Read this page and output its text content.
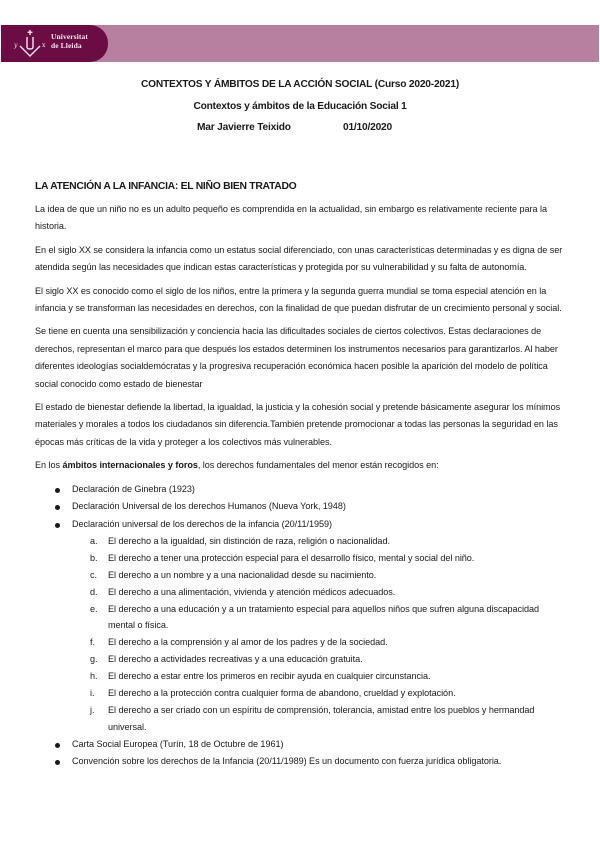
y	x
Universitat
de Lleida
CONTEXTOS Y ÁMBITOS DE LA ACCIÓN SOCIAL (Curso 2020-2021)
Contextos y ámbitos de la Educación Social 1
Mar Javierre Teixido	01/10/2020
LA ATENCIÓN A LA INFANCIA: EL NIÑO BIEN TRATADO

La idea de que un niño no es un adulto pequeño es comprendida en la actualidad, sin embargo es relativamente reciente para la historia.

En el siglo XX se considera la infancia como un estatus social diferenciado, con unas características determinadas y es digna de ser atendida según las necesidades que indican estas características y protegida por su vulnerabilidad y su falta de autonomía.

El siglo XX es conocido como el siglo de los niños, entre la primera y la segunda guerra mundial se toma especial atención en la infancia y se transforman las necesidades en derechos, con la finalidad de que puedan disfrutar de un crecimiento personal y social.

Se tiene en cuenta una sensibilización y conciencia hacia las dificultades sociales de ciertos colectivos. Estas declaraciones de derechos, representan el marco para que después los estados determinen los instrumentos necesarios para garantizarlos. Al haber diferentes ideologías socialdemócratas y la progresiva recuperación económica hacen posible la aparición del modelo de política social conocido como estado de bienestar

El estado de bienestar defiende la libertad, la igualdad, la justicia y la cohesión social y pretende básicamente asegurar los mínimos materiales y morales a todos los ciudadanos sin diferencia.También pretende promocionar a todas las personas la seguridad en las épocas más críticas de la vida y proteger a los colectivos más vulnerables.

En los ámbitos internacionales y foros, los derechos fundamentales del menor están recogidos en:

Declaración de Ginebra (1923)
Declaración Universal de los derechos Humanos (Nueva York, 1948)
Declaración universal de los derechos de la infancia (20/11/1959)
a. El derecho a la igualdad, sin distinción de raza, religión o nacionalidad.
b. El derecho a tener una protección especial para el desarrollo físico, mental y social del niño.
c. El derecho a un nombre y a una nacionalidad desde su nacimiento.
d. El derecho a una alimentación, vivienda y atención médicos adecuados.
e. El derecho a una educación y a un tratamiento especial para aquellos niños que sufren alguna discapacidad mental o física.
f. El derecho a la comprensión y al amor de los padres y de la sociedad.
g. El derecho a actividades recreativas y a una educación gratuita.
h. El derecho a estar entre los primeros en recibir ayuda en cualquier circunstancia.
i. El derecho a la protección contra cualquier forma de abandono, crueldad y explotación.
j. El derecho a ser criado con un espíritu de comprensión, tolerancia, amistad entre los pueblos y hermandad universal.
Carta Social Europea (Turín, 18 de Octubre de 1961)
Convención sobre los derechos de la Infancia (20/11/1989) Es un documento con fuerza jurídica obligatoria.
